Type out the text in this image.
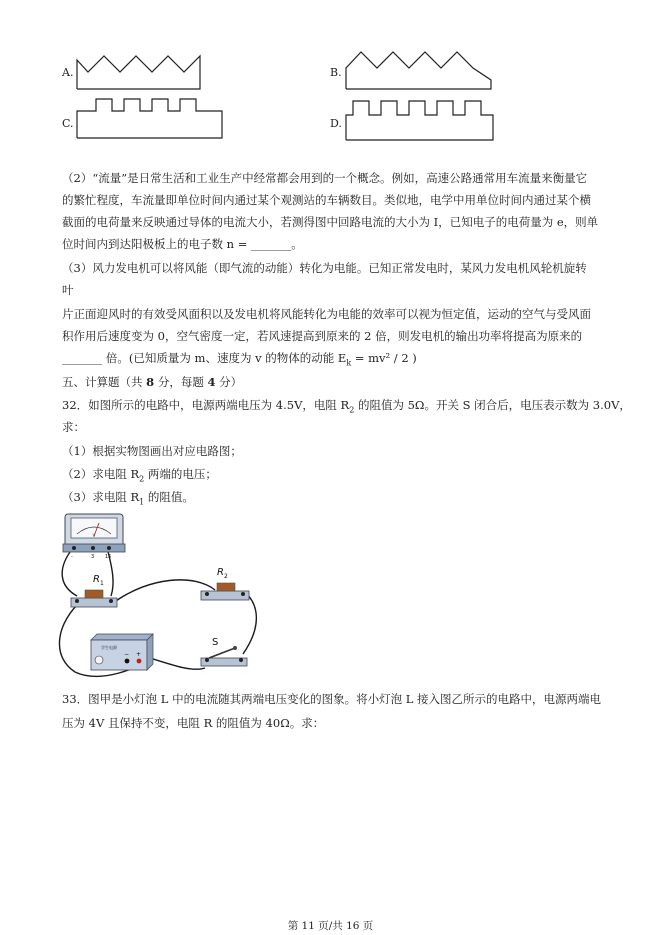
A.	B.
C.	D.
（2）“流量”是日常生活和工业生产中经常都会用到的一个概念。例如，高速公路通常用车流量来衡量它
的繁忙程度，车流量即单位时间内通过某个观测站的车辆数目。类似地，电学中用单位时间内通过某个横
截面的电荷量来反映通过导体的电流大小，若测得图中回路电流的大小为 I，已知电子的电荷量为 e，则单
位时间内到达阳极板上的电子数 n = _______。
（3）风力发电机可以将风能（即气流的动能）转化为电能。已知正常发电时，某风力发电机风轮机旋转
叶
片正面迎风时的有效受风面积以及发电机将风能转化为电能的效率可以视为恒定值，运动的空气与受风面
积作用后速度变为 0，空气密度一定，若风速提高到原来的 2 倍，则发电机的输出功率将提高为原来的
_______ 倍。(已知质量为 m、速度为 v 的物体的动能 $E_k = mv^2 / 2$ )
五、计算题（共 8 分，每题 4 分）
32．如图所示的电路中，电源两端电压为 4.5V，电阻 $R_2$ 的阻值为 5Ω。开关 S 闭合后，电压表示数为 3.0V，
求：
（1）根据实物图画出对应电路图；
（2）求电阻 $R_2$ 两端的电压；
（3）求电阻 $R_1$ 的阻值。
V
-	3 15
R 1
R 2
学生电源
− +
S
33．图甲是小灯泡 L 中的电流随其两端电压变化的图象。将小灯泡 L 接入图乙所示的电路中，电源两端电
压为 4V 且保持不变，电阻 R 的阻值为 40Ω。求：
第 11 页/共 16 页
